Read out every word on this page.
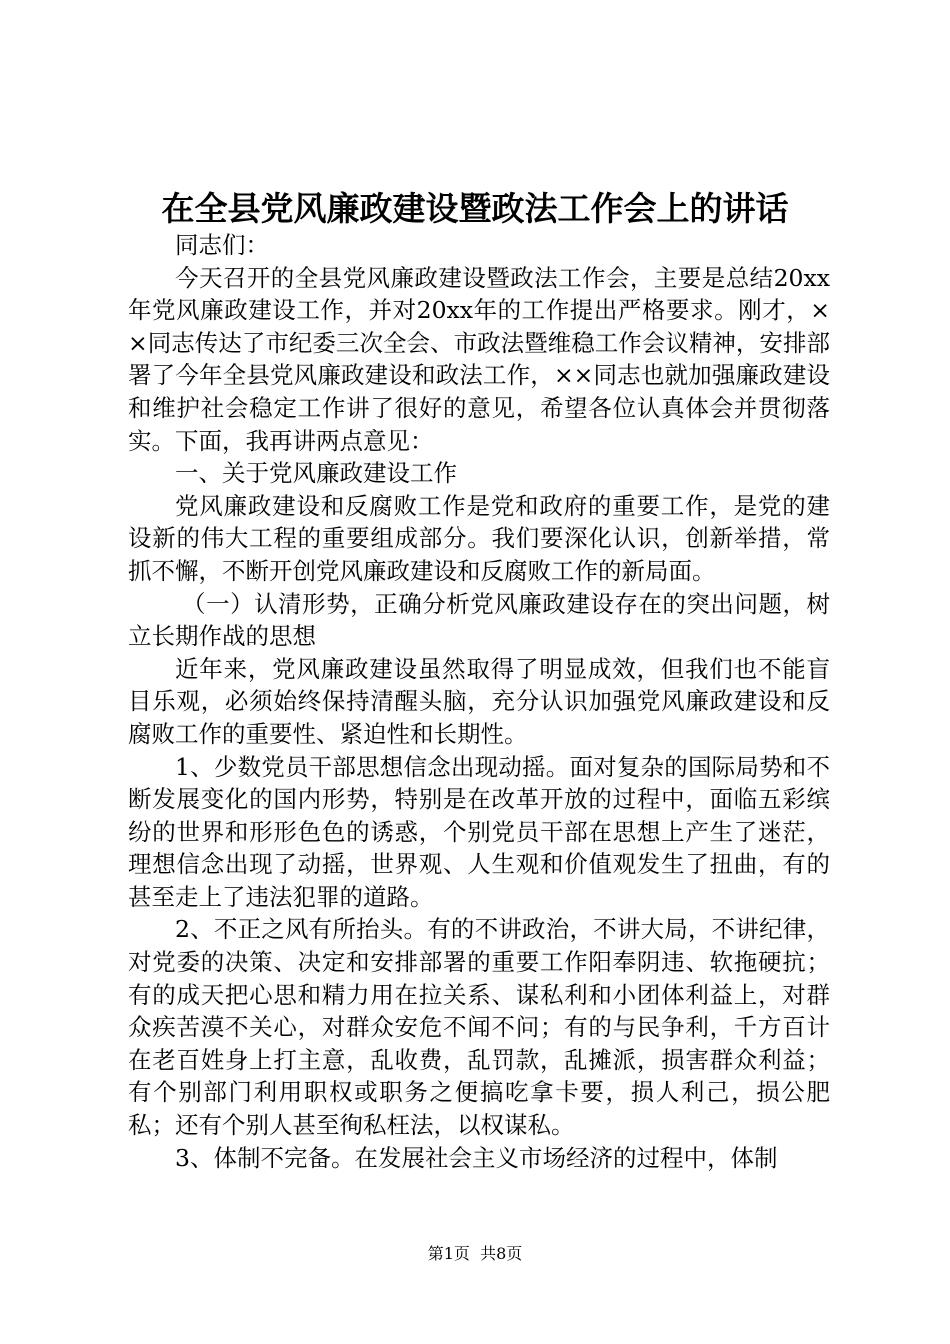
在全县党风廉政建设暨政法工作会上的讲话

同志们：

今天召开的全县党风廉政建设暨政法工作会，主要是总结20xx年党风廉政建设工作，并对20xx年的工作提出严格要求。刚才，××同志传达了市纪委三次全会、市政法暨维稳工作会议精神，安排部署了今年全县党风廉政建设和政法工作，××同志也就加强廉政建设和维护社会稳定工作讲了很好的意见，希望各位认真体会并贯彻落实。下面，我再讲两点意见：

一、关于党风廉政建设工作

党风廉政建设和反腐败工作是党和政府的重要工作，是党的建设新的伟大工程的重要组成部分。我们要深化认识，创新举措，常抓不懈，不断开创党风廉政建设和反腐败工作的新局面。

（一）认清形势，正确分析党风廉政建设存在的突出问题，树立长期作战的思想

近年来，党风廉政建设虽然取得了明显成效，但我们也不能盲目乐观，必须始终保持清醒头脑，充分认识加强党风廉政建设和反腐败工作的重要性、紧迫性和长期性。

1、少数党员干部思想信念出现动摇。面对复杂的国际局势和不断发展变化的国内形势，特别是在改革开放的过程中，面临五彩缤纷的世界和形形色色的诱惑，个别党员干部在思想上产生了迷茫，理想信念出现了动摇，世界观、人生观和价值观发生了扭曲，有的甚至走上了违法犯罪的道路。

2、不正之风有所抬头。有的不讲政治，不讲大局，不讲纪律，对党委的决策、决定和安排部署的重要工作阳奉阴违、软拖硬抗；有的成天把心思和精力用在拉关系、谋私利和小团体利益上，对群众疾苦漠不关心，对群众安危不闻不问；有的与民争利，千方百计在老百姓身上打主意，乱收费，乱罚款，乱摊派，损害群众利益；有个别部门利用职权或职务之便搞吃拿卡要，损人利己，损公肥私；还有个别人甚至徇私枉法，以权谋私。

3、体制不完备。在发展社会主义市场经济的过程中，体制

第1页  共8页
